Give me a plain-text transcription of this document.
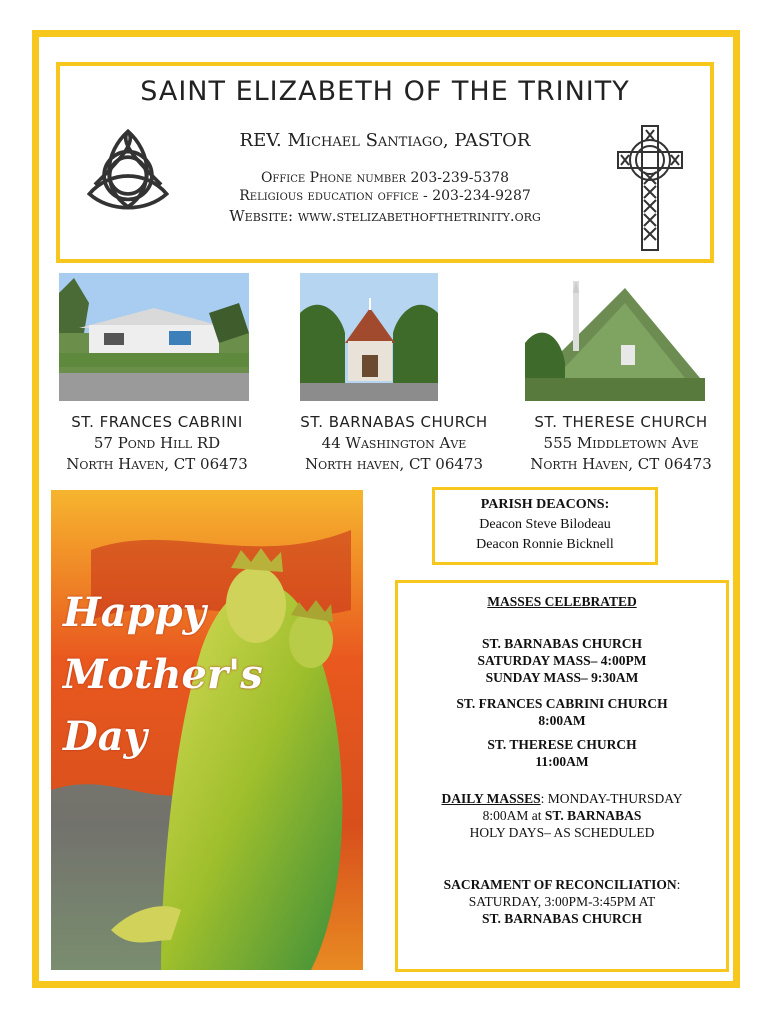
SAINT ELIZABETH OF THE TRINITY
REV. Michael Santiago, PASTOR
Office Phone number 203-239-5378
Religious education office - 203-234-9287
Website: www.stelizabethofthetrinity.org
ST. FRANCES CABRINI
57 Pond Hill RD
North Haven, CT 06473
ST. BARNABAS CHURCH
44 Washington Ave
North haven, CT 06473
ST. THERESE CHURCH
555 Middletown Ave
North Haven, CT 06473
Happy
Mother's
Day
PARISH DEACONS:
Deacon Steve Bilodeau
Deacon Ronnie Bicknell
MASSES CELEBRATED
ST. BARNABAS CHURCH
SATURDAY MASS– 4:00PM
SUNDAY MASS– 9:30AM
ST. FRANCES CABRINI CHURCH
8:00AM
ST. THERESE CHURCH
11:00AM
DAILY MASSES: MONDAY-THURSDAY
8:00AM at ST. BARNABAS
HOLY DAYS– AS SCHEDULED
SACRAMENT OF RECONCILIATION:
SATURDAY, 3:00PM-3:45PM AT
ST. BARNABAS CHURCH
